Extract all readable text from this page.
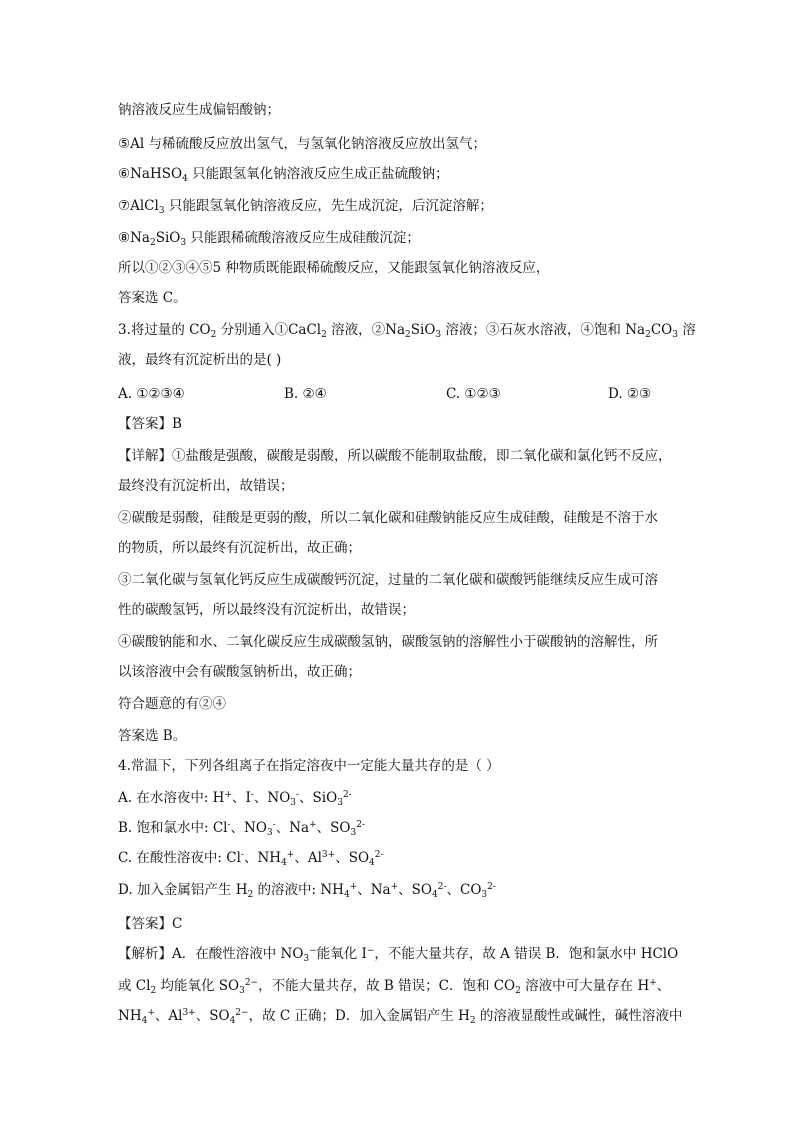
钠溶液反应生成偏铝酸钠；
⑤Al 与稀硫酸反应放出氢气，与氢氧化钠溶液反应放出氢气；
⑥NaHSO$_4$ 只能跟氢氧化钠溶液反应生成正盐硫酸钠；
⑦AlCl$_3$ 只能跟氢氧化钠溶液反应，先生成沉淀，后沉淀溶解；
$⑧Na_2SiO_3$ 只能跟稀硫酸溶液反应生成硅酸沉淀；
所以①②③④⑤5 种物质既能跟稀硫酸反应，又能跟氢氧化钠溶液反应，
答案选 C。
3.将过量的 $CO_2$ 分别通入①CaCl$_2$ 溶液，$②Na_2SiO_3$ 溶液；③石灰水溶液，④饱和 $Na_2CO_3$ 溶
液，最终有沉淀析出的是( )
A. ①②③④	B. ②④	C. ①②③	D. ②③
【答案】B
【详解】①盐酸是强酸，碳酸是弱酸，所以碳酸不能制取盐酸，即二氧化碳和氯化钙不反应，
最终没有沉淀析出，故错误；
②碳酸是弱酸，硅酸是更弱的酸，所以二氧化碳和硅酸钠能反应生成硅酸，硅酸是不溶于水
的物质，所以最终有沉淀析出，故正确；
③二氧化碳与氢氧化钙反应生成碳酸钙沉淀，过量的二氧化碳和碳酸钙能继续反应生成可溶
性的碳酸氢钙，所以最终没有沉淀析出，故错误；
④碳酸钠能和水、二氧化碳反应生成碳酸氢钠，碳酸氢钠的溶解性小于碳酸钠的溶解性，所
以该溶液中会有碳酸氢钠析出，故正确；
符合题意的有②④
答案选 B。
4.常温下，下列各组离子在指定溶夜中一定能大量共存的是（ ）
A. 在水溶夜中: H+、I-、$NO_3^-$、SiO$_3^{2-}$
B. 饱和氯水中: Cl-、$NO_3^-$、Na+、$SO_3^{2-}$
C. 在酸性溶夜中: Cl-、$NH_4^+$、$Al^{3+}$、$SO_4^{2-}$
D. 加入金属铝产生 $H_2$ 的溶液中: $NH_4^+$、Na+、$SO_4^{2-}$、$CO_3^{2-}$
【答案】C
【解析】A．在酸性溶液中 $NO_3^-$能氧化 I−，不能大量共存，故 A 错误 B．饱和氯水中 HClO
或 $Cl_2$ 均能氧化 $SO_3^{2-}$，不能大量共存，故 B 错误；C．饱和 $CO_2$ 溶液中可大量存在 H+、
$NH_4^+$、$Al^{3+}$、$SO_4^{2-}$，故 C 正确；D．加入金属铝产生 $H_2$ 的溶液显酸性或碱性，碱性溶液中
